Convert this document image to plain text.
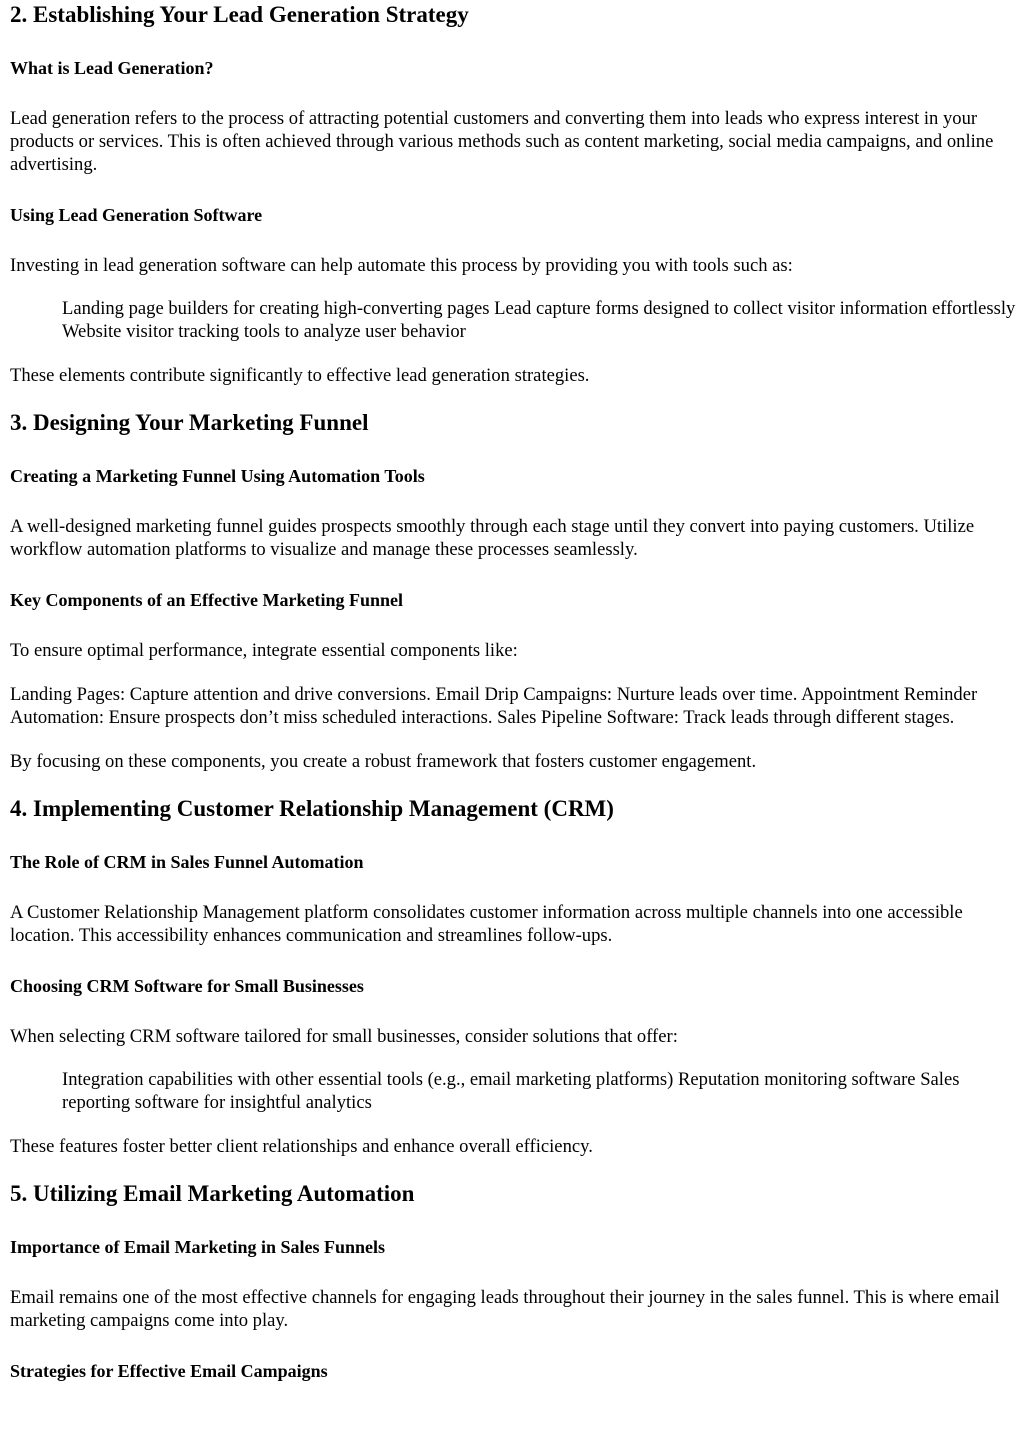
2. Establishing Your Lead Generation Strategy
What is Lead Generation?

Lead generation refers to the process of attracting potential customers and converting them into leads who express interest in your products or services. This is often achieved through various methods such as content marketing, social media campaigns, and online advertising.

Using Lead Generation Software

Investing in lead generation software can help automate this process by providing you with tools such as:

Landing page builders for creating high-converting pages Lead capture forms designed to collect visitor information effortlessly Website visitor tracking tools to analyze user behavior

These elements contribute significantly to effective lead generation strategies.

3. Designing Your Marketing Funnel
Creating a Marketing Funnel Using Automation Tools

A well-designed marketing funnel guides prospects smoothly through each stage until they convert into paying customers. Utilize workflow automation platforms to visualize and manage these processes seamlessly.

Key Components of an Effective Marketing Funnel

To ensure optimal performance, integrate essential components like:

Landing Pages: Capture attention and drive conversions. Email Drip Campaigns: Nurture leads over time. Appointment Reminder Automation: Ensure prospects don’t miss scheduled interactions. Sales Pipeline Software: Track leads through different stages.

By focusing on these components, you create a robust framework that fosters customer engagement.

4. Implementing Customer Relationship Management (CRM)
The Role of CRM in Sales Funnel Automation

A Customer Relationship Management platform consolidates customer information across multiple channels into one accessible location. This accessibility enhances communication and streamlines follow-ups.

Choosing CRM Software for Small Businesses

When selecting CRM software tailored for small businesses, consider solutions that offer:

Integration capabilities with other essential tools (e.g., email marketing platforms) Reputation monitoring software Sales reporting software for insightful analytics

These features foster better client relationships and enhance overall efficiency.

5. Utilizing Email Marketing Automation
Importance of Email Marketing in Sales Funnels

Email remains one of the most effective channels for engaging leads throughout their journey in the sales funnel. This is where email marketing campaigns come into play.

Strategies for Effective Email Campaigns
